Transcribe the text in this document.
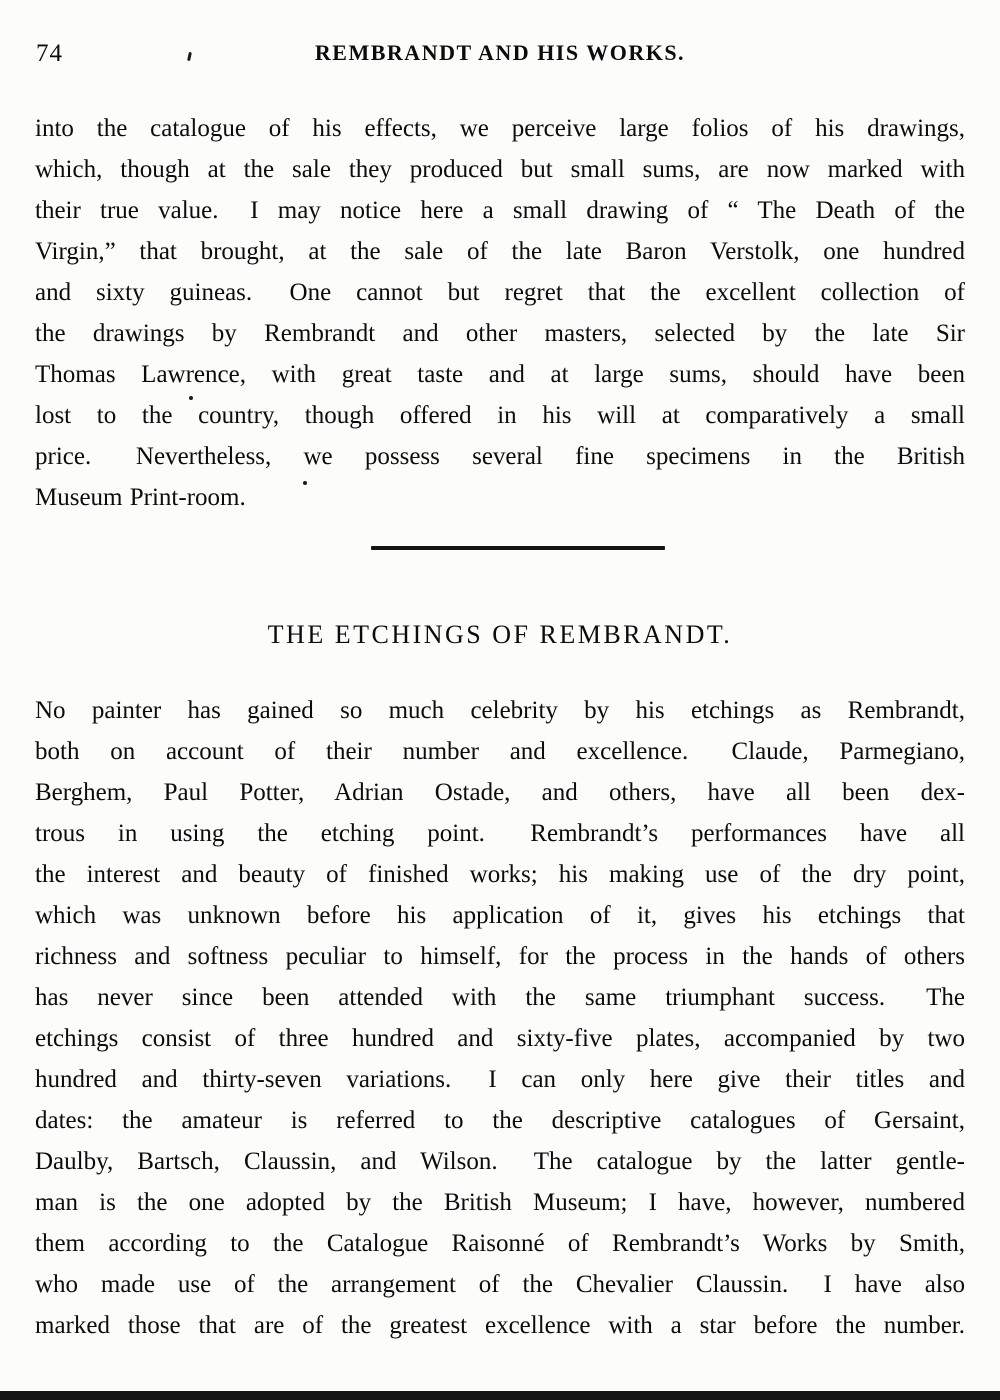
74	REMBRANDT AND HIS WORKS.
into the catalogue of his effects, we perceive large folios of his drawings,
which, though at the sale they produced but small sums, are now marked with
their true value.  I may notice here a small drawing of “ The Death of the
Virgin,” that brought, at the sale of the late Baron Verstolk, one hundred
and sixty guineas.  One cannot but regret that the excellent collection of
the drawings by Rembrandt and other masters, selected by the late Sir
Thomas Lawrence, with great taste and at large sums, should have been
lost to the country, though offered in his will at comparatively a small
price.  Nevertheless, we possess several fine specimens in the British
Museum Print-room.
THE ETCHINGS OF REMBRANDT.
No painter has gained so much celebrity by his etchings as Rembrandt,
both on account of their number and excellence.  Claude, Parmegiano,
Berghem, Paul Potter, Adrian Ostade, and others, have all been dex-
trous in using the etching point.  Rembrandt’s performances have all
the interest and beauty of finished works; his making use of the dry point,
which was unknown before his application of it, gives his etchings that
richness and softness peculiar to himself, for the process in the hands of others
has never since been attended with the same triumphant success.  The
etchings consist of three hundred and sixty-five plates, accompanied by two
hundred and thirty-seven variations.  I can only here give their titles and
dates: the amateur is referred to the descriptive catalogues of Gersaint,
Daulby, Bartsch, Claussin, and Wilson.  The catalogue by the latter gentle-
man is the one adopted by the British Museum; I have, however, numbered
them according to the Catalogue Raisonné of Rembrandt’s Works by Smith,
who made use of the arrangement of the Chevalier Claussin.  I have also
marked those that are of the greatest excellence with a star before the number.
